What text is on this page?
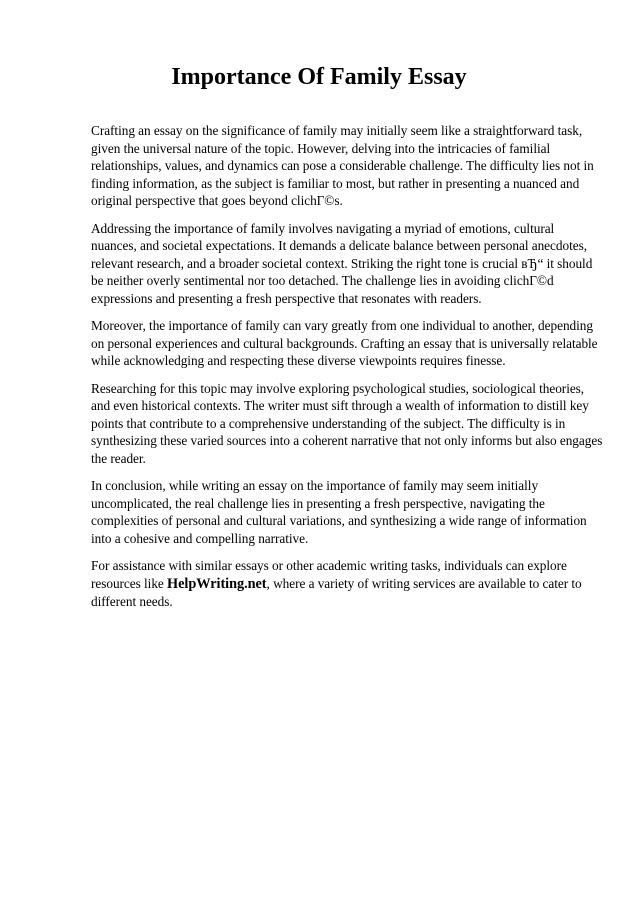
Importance Of Family Essay

Crafting an essay on the significance of family may initially seem like a straightforward task, given the universal nature of the topic. However, delving into the intricacies of familial relationships, values, and dynamics can pose a considerable challenge. The difficulty lies not in finding information, as the subject is familiar to most, but rather in presenting a nuanced and original perspective that goes beyond clichГ©s.

Addressing the importance of family involves navigating a myriad of emotions, cultural nuances, and societal expectations. It demands a delicate balance between personal anecdotes, relevant research, and a broader societal context. Striking the right tone is crucial вЂ“ it should be neither overly sentimental nor too detached. The challenge lies in avoiding clichГ©d expressions and presenting a fresh perspective that resonates with readers.

Moreover, the importance of family can vary greatly from one individual to another, depending on personal experiences and cultural backgrounds. Crafting an essay that is universally relatable while acknowledging and respecting these diverse viewpoints requires finesse.

Researching for this topic may involve exploring psychological studies, sociological theories, and even historical contexts. The writer must sift through a wealth of information to distill key points that contribute to a comprehensive understanding of the subject. The difficulty is in synthesizing these varied sources into a coherent narrative that not only informs but also engages the reader.

In conclusion, while writing an essay on the importance of family may seem initially uncomplicated, the real challenge lies in presenting a fresh perspective, navigating the complexities of personal and cultural variations, and synthesizing a wide range of information into a cohesive and compelling narrative.

For assistance with similar essays or other academic writing tasks, individuals can explore resources like HelpWriting.net, where a variety of writing services are available to cater to different needs.
